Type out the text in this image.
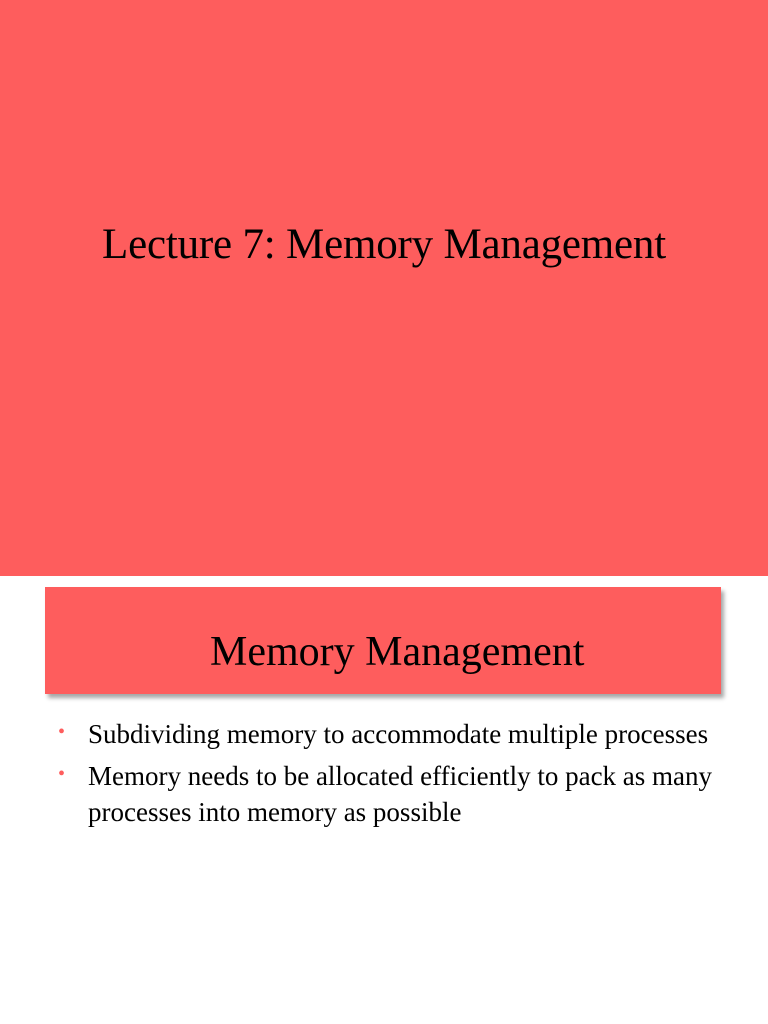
Lecture 7: Memory Management
Memory Management
• Subdividing memory to accommodate multiple processes
• Memory needs to be allocated efficiently to pack as many processes into memory as possible
